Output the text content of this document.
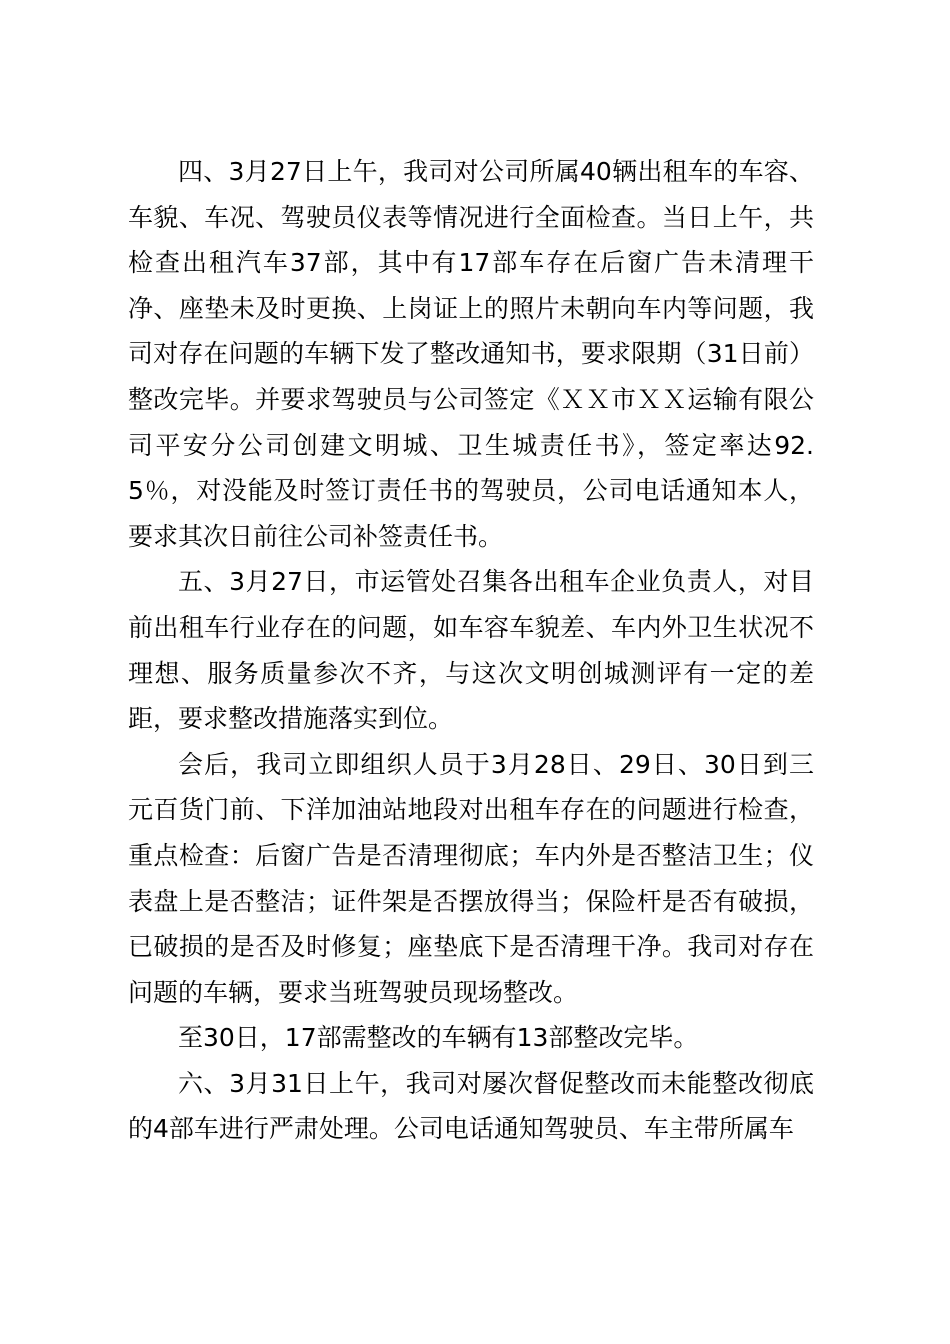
四、3月27日上午，我司对公司所属40辆出租车的车容、车貌、车况、驾驶员仪表等情况进行全面检查。当日上午，共检查出租汽车37部，其中有17部车存在后窗广告未清理干净、座垫未及时更换、上岗证上的照片未朝向车内等问题，我司对存在问题的车辆下发了整改通知书，要求限期（31日前）整改完毕。并要求驾驶员与公司签定《ＸＸ市ＸＸ运输有限公司平安分公司创建文明城、卫生城责任书》，签定率达92.5％，对没能及时签订责任书的驾驶员，公司电话通知本人，要求其次日前往公司补签责任书。

五、3月27日，市运管处召集各出租车企业负责人，对目前出租车行业存在的问题，如车容车貌差、车内外卫生状况不理想、服务质量参次不齐，与这次文明创城测评有一定的差距，要求整改措施落实到位。

会后，我司立即组织人员于3月28日、29日、30日到三元百货门前、下洋加油站地段对出租车存在的问题进行检查，重点检查：后窗广告是否清理彻底；车内外是否整洁卫生；仪表盘上是否整洁；证件架是否摆放得当；保险杆是否有破损，已破损的是否及时修复；座垫底下是否清理干净。我司对存在问题的车辆，要求当班驾驶员现场整改。

至30日，17部需整改的车辆有13部整改完毕。

六、3月31日上午，我司对屡次督促整改而未能整改彻底的4部车进行严肃处理。公司电话通知驾驶员、车主带所属车
